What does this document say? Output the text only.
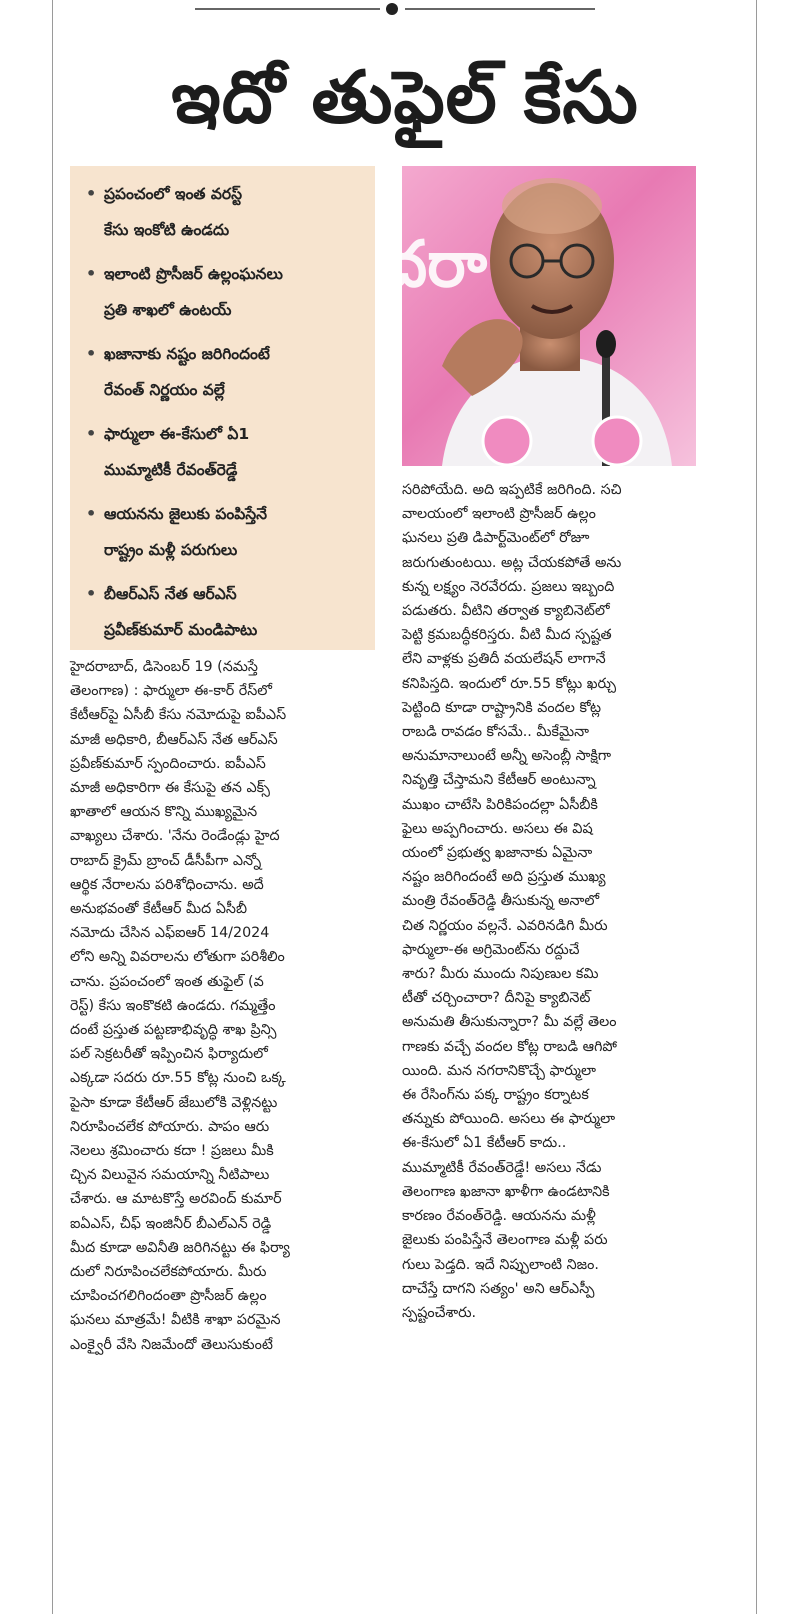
ఇదో తుఫైల్ కేసు
• ప్రపంచంలో ఇంత వరస్ట్
కేసు ఇంకోటి ఉండదు
• ఇలాంటి ప్రొసీజర్ ఉల్లంఘనలు
ప్రతి శాఖలో ఉంటయ్
• ఖజానాకు నష్టం జరిగిందంటే
రేవంత్ నిర్ణయం వల్లే
• ఫార్ములా ఈ-కేసులో ఏ1
ముమ్మాటికీ రేవంత్‌రెడ్డే
• ఆయనను జైలుకు పంపిస్తేనే
రాష్ట్రం మళ్లీ పరుగులు
• బీఆర్‌ఎస్ నేత ఆర్‌ఎస్
ప్రవీణ్‌కుమార్ మండిపాటు
దరా

హైదరాబాద్, డిసెంబర్ 19 (నమస్తే
తెలంగాణ) : ఫార్ములా ఈ-కార్ రేస్‌లో
కేటీఆర్‌పై ఏసీబీ కేసు నమోదుపై ఐపీఎస్
మాజీ అధికారి, బీఆర్‌ఎస్ నేత ఆర్‌ఎస్
ప్రవీణ్‌కుమార్ స్పందించారు. ఐపీఎస్
మాజీ అధికారిగా ఈ కేసుపై తన ఎక్స్
ఖాతాలో ఆయన కొన్ని ముఖ్యమైన
వాఖ్యలు చేశారు. 'నేను రెండేండ్లు హైద
రాబాద్ క్రైమ్ బ్రాంచ్ డీసీపీగా ఎన్నో
ఆర్థిక నేరాలను పరిశోధించాను. అదే
అనుభవంతో కేటీఆర్ మీద ఏసీబీ
నమోదు చేసిన ఎఫ్ఐఆర్ 14/2024
లోని అన్ని వివరాలను లోతుగా పరిశీలిం
చాను. ప్రపంచంలో ఇంత తుఫైల్ (వ
రెస్ట్) కేసు ఇంకొకటి ఉండదు. గమ్మత్తేం
దంటే ప్రస్తుత పట్టణాభివృద్ధి శాఖ ప్రిన్సి
పల్ సెక్రటరీతో ఇప్పించిన ఫిర్యాదులో
ఎక్కడా సదరు రూ.55 కోట్ల నుంచి ఒక్క
పైసా కూడా కేటీఆర్ జేబులోకి వెళ్లినట్టు
నిరూపించలేక పోయారు. పాపం ఆరు
నెలలు శ్రమించారు కదా ! ప్రజలు మీకి
చ్చిన విలువైన సమయాన్ని నీటిపాలు
చేశారు. ఆ మాటకొస్తే అరవింద్ కుమార్
ఐఏఎస్, చీఫ్ ఇంజినీర్ బీఎల్ఎన్ రెడ్డి
మీద కూడా అవినీతి జరిగినట్టు ఈ ఫిర్యా
దులో నిరూపించలేకపోయారు. మీరు
చూపించగలిగిందంతా ప్రొసీజర్ ఉల్లం
ఘనలు మాత్రమే! వీటికి శాఖా పరమైన
ఎంక్వైరీ వేసి నిజమేందో తెలుసుకుంటే

సరిపోయేది. అది ఇప్పటికే జరిగింది. సచి
వాలయంలో ఇలాంటి ప్రొసీజర్ ఉల్లం
ఘనలు ప్రతి డిపార్ట్‌మెంట్‌లో రోజూ
జరుగుతుంటయి. అట్ల చేయకపోతే అను
కున్న లక్ష్యం నెరవేరదు. ప్రజలు ఇబ్బంది
పడుతరు. వీటిని తర్వాత క్యాబినెట్‌లో
పెట్టి క్రమబద్ధీకరిస్తరు. వీటి మీద స్పష్టత
లేని వాళ్లకు ప్రతిదీ వయలేషన్ లాగానే
కనిపిస్తది. ఇందులో రూ.55 కోట్లు ఖర్చు
పెట్టింది కూడా రాష్ట్రానికి వందల కోట్ల
రాబడి రావడం కోసమే.. మీకేమైనా
అనుమానాలుంటే అన్నీ అసెంబ్లీ సాక్షిగా
నివృత్తి చేస్తామని కేటీఆర్ అంటున్నా
ముఖం చాటేసి పిరికిపందల్లా ఏసీబీకి
ఫైలు అప్పగించారు. అసలు ఈ విష
యంలో ప్రభుత్వ ఖజానాకు ఏమైనా
నష్టం జరిగిందంటే అది ప్రస్తుత ముఖ్య
మంత్రి రేవంత్‌రెడ్డి తీసుకున్న అనాలో
చిత నిర్ణయం వల్లనే. ఎవరినడిగి మీరు
ఫార్ములా-ఈ అగ్రిమెంట్‌ను రద్దుచే
శారు? మీరు ముందు నిపుణుల కమి
టీతో చర్చించారా? దీనిపై క్యాబినెట్
అనుమతి తీసుకున్నారా? మీ వల్లే తెలం
గాణకు వచ్చే వందల కోట్ల రాబడి ఆగిపో
యింది. మన నగరానికొచ్చే ఫార్ములా
ఈ రేసింగ్‌ను పక్క రాష్ట్రం కర్నాటక
తన్నుకు పోయింది. అసలు ఈ ఫార్ములా
ఈ-కేసులో ఏ1 కేటీఆర్ కాదు..
ముమ్మాటికీ రేవంత్‌రెడ్డే! అసలు నేడు
తెలంగాణ ఖజానా ఖాళీగా ఉండటానికి
కారణం రేవంత్‌రెడ్డి. ఆయనను మళ్లీ
జైలుకు పంపిస్తేనే తెలంగాణ మళ్లీ పరు
గులు పెడ్తది. ఇదే నిప్పులాంటి నిజం.
దాచేస్తే దాగని సత్యం' అని ఆర్‌ఎస్పీ
స్పష్టంచేశారు.
